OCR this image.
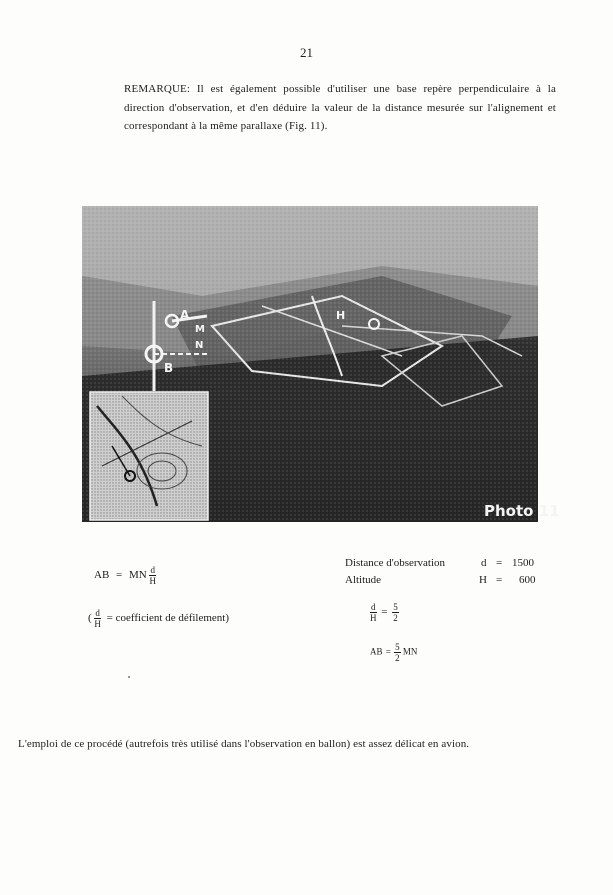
21
REMARQUE: Il est également possible d'utiliser une base repère perpendiculaire à la direction d'observation, et d'en déduire la valeur de la distance mesurée sur l'alignement et correspondant à la même parallaxe (Fig. 11).
A
B
M
N
H
Photo 11
AB = MN $\frac{d}{H}$
( $\frac{d}{H}$ = coefficient de défilement)
Distance d'observation	d = 1500
Altitude	H = 600
$\frac{d}{H} = \frac{5}{2}$
AB = $\frac{5}{2}$ MN
L'emploi de ce procédé (autrefois très utilisé dans l'observation en ballon) est assez délicat en avion.
